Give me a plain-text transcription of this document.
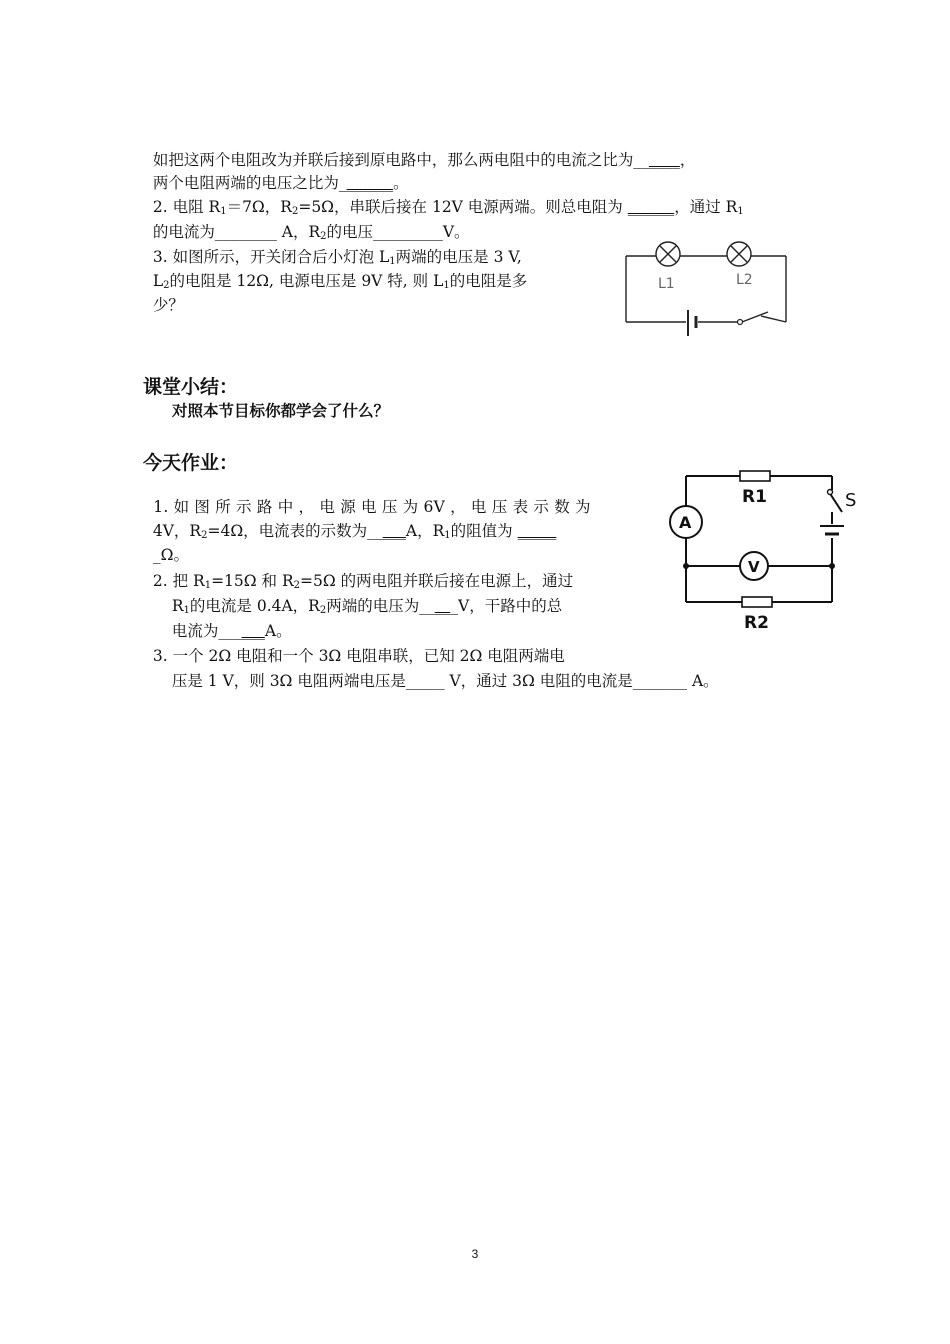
如把这两个电阻改为并联后接到原电路中，那么两电阻中的电流之比为______，

两个电阻两端的电压之比为_______。

2. 电阻 $R_1=7\Omega$，$R_2=5\Omega$，串联后接在 12V 电源两端。则总电阻为 ______，通过 $R_1$

的电流为________ A，$R_2$的电压_________V。

3. 如图所示，开关闭合后小灯泡 $L_1$两端的电压是 3 V,

$L_2$的电阻是 12Ω, 电源电压是 9V 特, 则 $L_1$的电阻是多

少？

L1	L2
课堂小结：
对照本节目标你都学会了什么？
今天作业：

1. 如 图 所 示 路 中 ， 电 源 电 压 为 6V ， 电 压 表 示 数 为

4V，$R_2=4\Omega$，电流表的示数为_____A，$R_1$的阻值为 _____

_Ω。

2. 把 $R_1=15\Omega$ 和 $R_2=5\Omega$ 的两电阻并联后接在电源上，通过

$R_1$的电流是 0.4A，$R_2$两端的电压为_____V，干路中的总

电流为______A。

3. 一个 2Ω 电阻和一个 3Ω 电阻串联，已知 2Ω 电阻两端电

压是 1 V，则 3Ω 电阻两端电压是_____ V，通过 3Ω 电阻的电流是_______ A。

A
V
R1
R2
S
3
